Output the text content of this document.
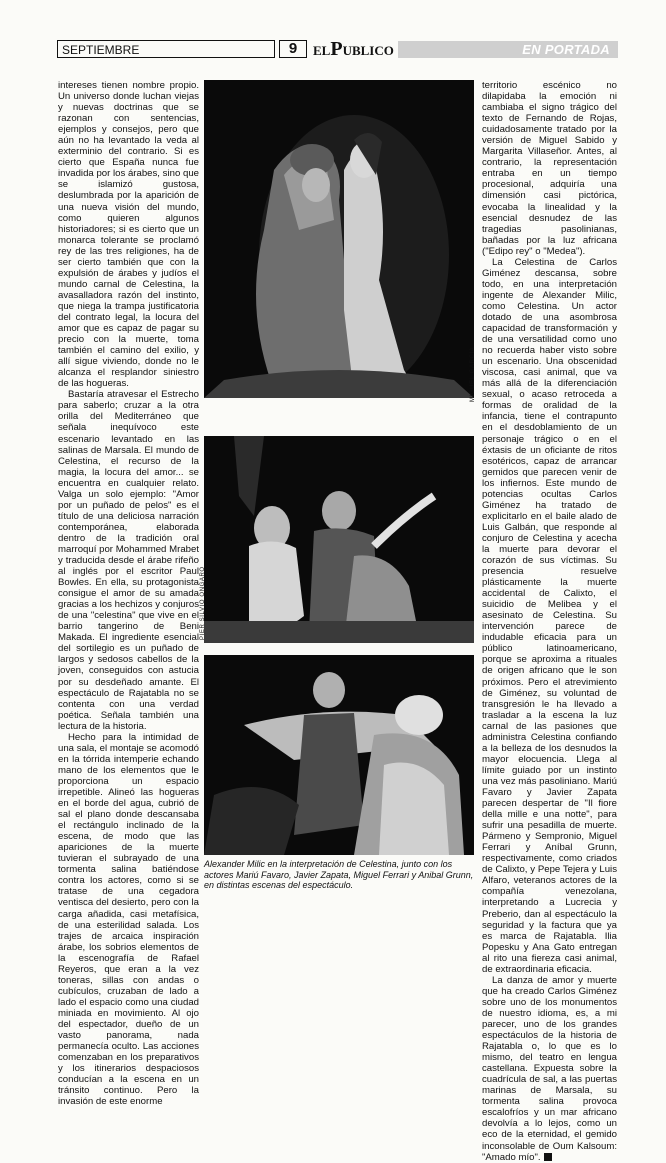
SEPTIEMBRE	9	ELPUBLICO	EN PORTADA

intereses tienen nombre propio. Un universo donde luchan viejas y nuevas doctrinas que se razonan con sentencias, ejemplos y consejos, pero que aún no ha levantado la veda al exterminio del contrario. Si es cierto que España nunca fue invadida por los árabes, sino que se islamizó gustosa, deslumbrada por la aparición de una nueva visión del mundo, como quieren algunos historiadores; si es cierto que un monarca tolerante se proclamó rey de las tres religiones, ha de ser cierto también que con la expulsión de árabes y judíos el mundo carnal de Celestina, la avasalladora razón del instinto, que niega la trampa justificatoria del contrato legal, la locura del amor que es capaz de pagar su precio con la muerte, toma también el camino del exilio, y allí sigue viviendo, donde no le alcanza el resplandor siniestro de las hogueras.

Bastaría atravesar el Estrecho para saberlo; cruzar a la otra orilla del Mediterráneo que señala inequívoco este escenario levantado en las salinas de Marsala. El mundo de Celestina, el recurso de la magia, la locura del amor... se encuentra en cualquier relato. Valga un solo ejemplo: "Amor por un puñado de pelos" es el título de una deliciosa narración contemporánea, elaborada dentro de la tradición oral marroquí por Mohammed Mrabet y traducida desde el árabe rifeño al inglés por el escritor Paul Bowles. En ella, su protagonista consigue el amor de su amada gracias a los hechizos y conjuros de una "celestina" que vive en el barrio tangerino de Beni Makada. El ingrediente esencial del sortilegio es un puñado de largos y sedosos cabellos de la joven, conseguidos con astucia por su desdeñado amante. El espectáculo de Rajatabla no se contenta con una verdad poética. Señala también una lectura de la historia.

Hecho para la intimidad de una sala, el montaje se acomodó en la tórrida intemperie echando mano de los elementos que le proporciona un espacio irrepetible. Alineó las hogueras en el borde del agua, cubrió de sal el plano donde descansaba el rectángulo inclinado de la escena, de modo que las apariciones de la muerte tuvieran el subrayado de una tormenta salina batiéndose contra los actores, como si se tratase de una cegadora ventisca del desierto, pero con la carga añadida, casi metafísica, de una esterilidad salada. Los trajes de arcaica inspiración árabe, los sobrios elementos de la escenografía de Rafael Reyeros, que eran a la vez toneras, sillas con andas o cubículos, cruzaban de lado a lado el espacio como una ciudad miniada en movimiento. Al ojo del espectador, dueño de un vasto panorama, nada permanecía oculto. Las acciones comenzaban en los preparativos y los itinerarios despaciosos conducían a la escena en un tránsito continuo. Pero la invasión de este enorme

MIGUEL GARCIA
PIER SILVIO ONGARO
Alexander Milic en la interpretación de Celestina, junto con los actores Mariú Favaro, Javier Zapata, Miguel Ferrari y Anibal Grunn, en distintas escenas del espectáculo.

territorio escénico no dilapidaba la emoción ni cambiaba el signo trágico del texto de Fernando de Rojas, cuidadosamente tratado por la versión de Miguel Sabido y Margarita Villaseñor. Antes, al contrario, la representación entraba en un tiempo procesional, adquiría una dimensión casi pictórica, evocaba la linealidad y la esencial desnudez de las tragedias pasolinianas, bañadas por la luz africana ("Edipo rey" o "Medea").

La Celestina de Carlos Giménez descansa, sobre todo, en una interpretación ingente de Alexander Milic, como Celestina. Un actor dotado de una asombrosa capacidad de transformación y de una versatilidad como uno no recuerda haber visto sobre un escenario. Una obscenidad viscosa, casi animal, que va más allá de la diferenciación sexual, o acaso retroceda a formas de oralidad de la infancia, tiene el contrapunto en el desdoblamiento de un personaje trágico o en el éxtasis de un oficiante de ritos esotéricos, capaz de arrancar gemidos que parecen venir de los infiernos. Este mundo de potencias ocultas Carlos Giménez ha tratado de explicitarlo en el baile alado de Luis Galbán, que responde al conjuro de Celestina y acecha la muerte para devorar el corazón de sus víctimas. Su presencia resuelve plásticamente la muerte accidental de Calixto, el suicidio de Melibea y el asesinato de Celestina. Su intervención parece de indudable eficacia para un público latinoamericano, porque se aproxima a rituales de origen africano que le son próximos. Pero el atrevimiento de Giménez, su voluntad de transgresión le ha llevado a trasladar a la escena la luz carnal de las pasiones que administra Celestina confiando a la belleza de los desnudos la mayor elocuencia. Llega al límite guiado por un instinto una vez más pasoliniano. Mariú Favaro y Javier Zapata parecen despertar de "Il fiore della mille e una notte", para sufrir una pesadilla de muerte. Pármeno y Sempronio, Miguel Ferrari y Aníbal Grunn, respectivamente, como criados de Calixto, y Pepe Tejera y Luis Alfaro, veteranos actores de la compañía venezolana, interpretando a Lucrecia y Preberio, dan al espectáculo la seguridad y la factura que ya es marca de Rajatabla. Ilia Popesku y Ana Gato entregan al rito una fiereza casi animal, de extraordinaria eficacia.

La danza de amor y muerte que ha creado Carlos Giménez sobre uno de los monumentos de nuestro idioma, es, a mi parecer, uno de los grandes espectáculos de la historia de Rajatabla o, lo que es lo mismo, del teatro en lengua castellana. Expuesta sobre la cuadrícula de sal, a las puertas marinas de Marsala, su tormenta salina provoca escalofríos y un mar africano devolvía a lo lejos, como un eco de la eternidad, el gemido inconsolable de Oum Kalsoum: "Amado mío".
